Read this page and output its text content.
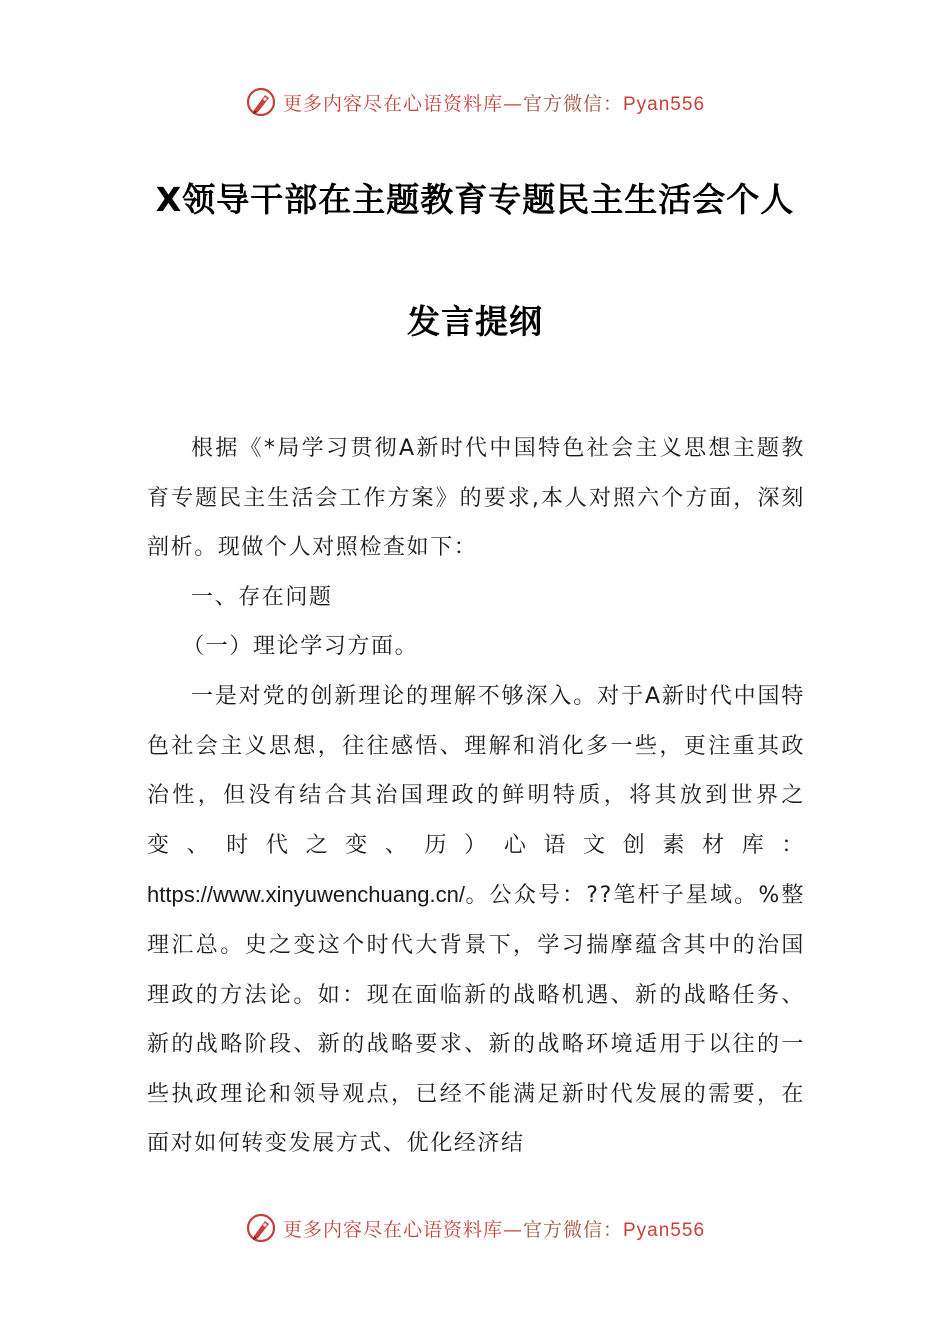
更多内容尽在心语资料库—官方微信：Pyan556
X领导干部在主题教育专题民主生活会个人
发言提纲

根据《*局学习贯彻A新时代中国特色社会主义思想主题教育专题民主生活会工作方案》的要求,本人对照六个方面，深刻剖析。现做个人对照检查如下：

一、存在问题

（一）理论学习方面。

一是对党的创新理论的理解不够深入。对于A新时代中国特色社会主义思想，往往感悟、理解和消化多一些，更注重其政治性，但没有结合其治国理政的鲜明特质，将其放到世界之变、时代之变、历）心语文创素材库：https://www.xinyuwenchuang.cn/。公众号：??笔杆子星域。%整理汇总。史之变这个时代大背景下，学习揣摩蕴含其中的治国理政的方法论。如：现在面临新的战略机遇、新的战略任务、新的战略阶段、新的战略要求、新的战略环境适用于以往的一些执政理论和领导观点，已经不能满足新时代发展的需要，在面对如何转变发展方式、优化经济结

更多内容尽在心语资料库—官方微信：Pyan556
